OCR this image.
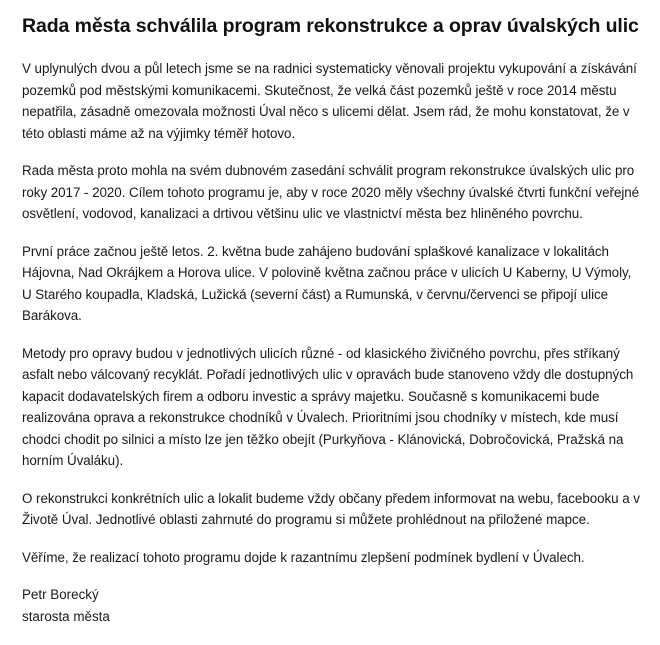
Rada města schválila program rekonstrukce a oprav úvalských ulic

V uplynulých dvou a půl letech jsme se na radnici systematicky věnovali projektu vykupování a získávání pozemků pod městskými komunikacemi. Skutečnost, že velká část pozemků ještě v roce 2014 městu nepatřila, zásadně omezovala možnosti Úval něco s ulicemi dělat. Jsem rád, že mohu konstatovat, že v této oblasti máme až na výjimky téměř hotovo.

Rada města proto mohla na svém dubnovém zasedání schválit program rekonstrukce úvalských ulic pro roky 2017 - 2020. Cílem tohoto programu je, aby v roce 2020 měly všechny úvalské čtvrti funkční veřejné osvětlení, vodovod, kanalizaci a drtivou většinu ulic ve vlastnictví města bez hliněného povrchu.

První práce začnou ještě letos. 2. května bude zahájeno budování splaškové kanalizace v lokalitách Hájovna, Nad Okrájkem a Horova ulice. V polovině května začnou práce v ulicích U Kaberny, U Výmoly, U Starého koupadla, Kladská, Lužická (severní část) a Rumunská, v červnu/červenci se připojí ulice Barákova.

Metody pro opravy budou v jednotlivých ulicích různé - od klasického živičného povrchu, přes stříkaný asfalt nebo válcovaný recyklát. Pořadí jednotlivých ulic v opravách bude stanoveno vždy dle dostupných kapacit dodavatelských firem a odboru investic a správy majetku. Současně s komunikacemi bude realizována oprava a rekonstrukce chodníků v Úvalech. Prioritními jsou chodníky v místech, kde musí chodci chodit po silnici a místo lze jen těžko obejít (Purkyňova - Klánovická, Dobročovická, Pražská na horním Úvaláku).

O rekonstrukci konkrétních ulic a lokalit budeme vždy občany předem informovat na webu, facebooku a v Životě Úval. Jednotlivé oblasti zahrnuté do programu si můžete prohlédnout na přiložené mapce.

Věříme, že realizací tohoto programu dojde k razantnímu zlepšení podmínek bydlení v Úvalech.

Petr Borecký
starosta města
